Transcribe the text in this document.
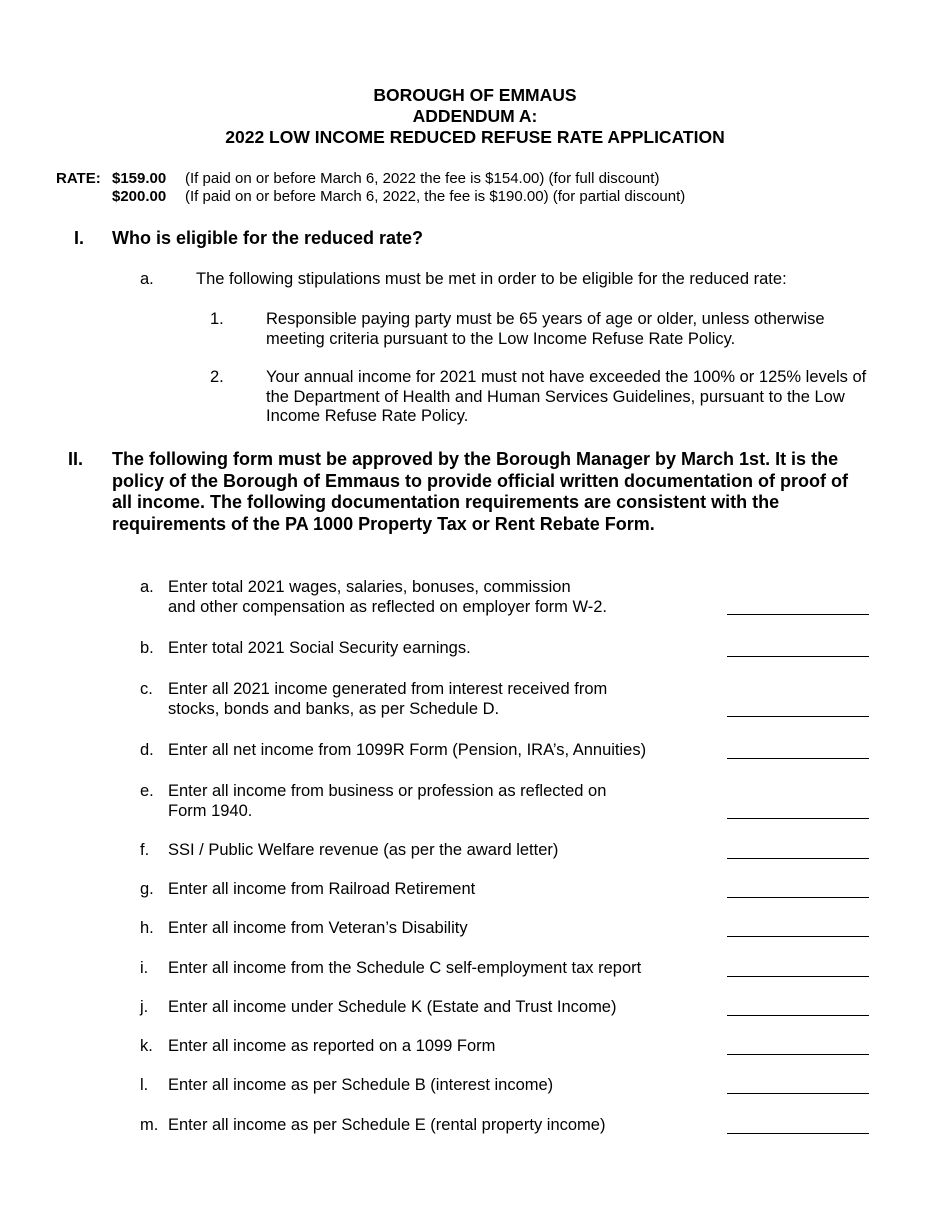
BOROUGH OF EMMAUS
ADDENDUM A:
2022 LOW INCOME REDUCED REFUSE RATE APPLICATION
RATE: $159.00 (If paid on or before March 6, 2022 the fee is $154.00) (for full discount)
$200.00 (If paid on or before March 6, 2022, the fee is $190.00) (for partial discount)
I. Who is eligible for the reduced rate?
a.	The following stipulations must be met in order to be eligible for the reduced rate:
1.	Responsible paying party must be 65 years of age or older, unless otherwise
meeting criteria pursuant to the Low Income Refuse Rate Policy.
2.	Your annual income for 2021 must not have exceeded the 100% or 125% levels of
the Department of Health and Human Services Guidelines, pursuant to the Low
Income Refuse Rate Policy.
II. The following form must be approved by the Borough Manager by March 1st. It is the
policy of the Borough of Emmaus to provide official written documentation of proof of
all income. The following documentation requirements are consistent with the
requirements of the PA 1000 Property Tax or Rent Rebate Form.
a. Enter total 2021 wages, salaries, bonuses, commission
and other compensation as reflected on employer form W-2.
b. Enter total 2021 Social Security earnings.
c. Enter all 2021 income generated from interest received from
stocks, bonds and banks, as per Schedule D.
d. Enter all net income from 1099R Form (Pension, IRA’s, Annuities)
e. Enter all income from business or profession as reflected on
Form 1940.
f. SSI / Public Welfare revenue (as per the award letter)
g. Enter all income from Railroad Retirement
h. Enter all income from Veteran’s Disability
i. Enter all income from the Schedule C self-employment tax report
j. Enter all income under Schedule K (Estate and Trust Income)
k. Enter all income as reported on a 1099 Form
l. Enter all income as per Schedule B (interest income)
m. Enter all income as per Schedule E (rental property income)
